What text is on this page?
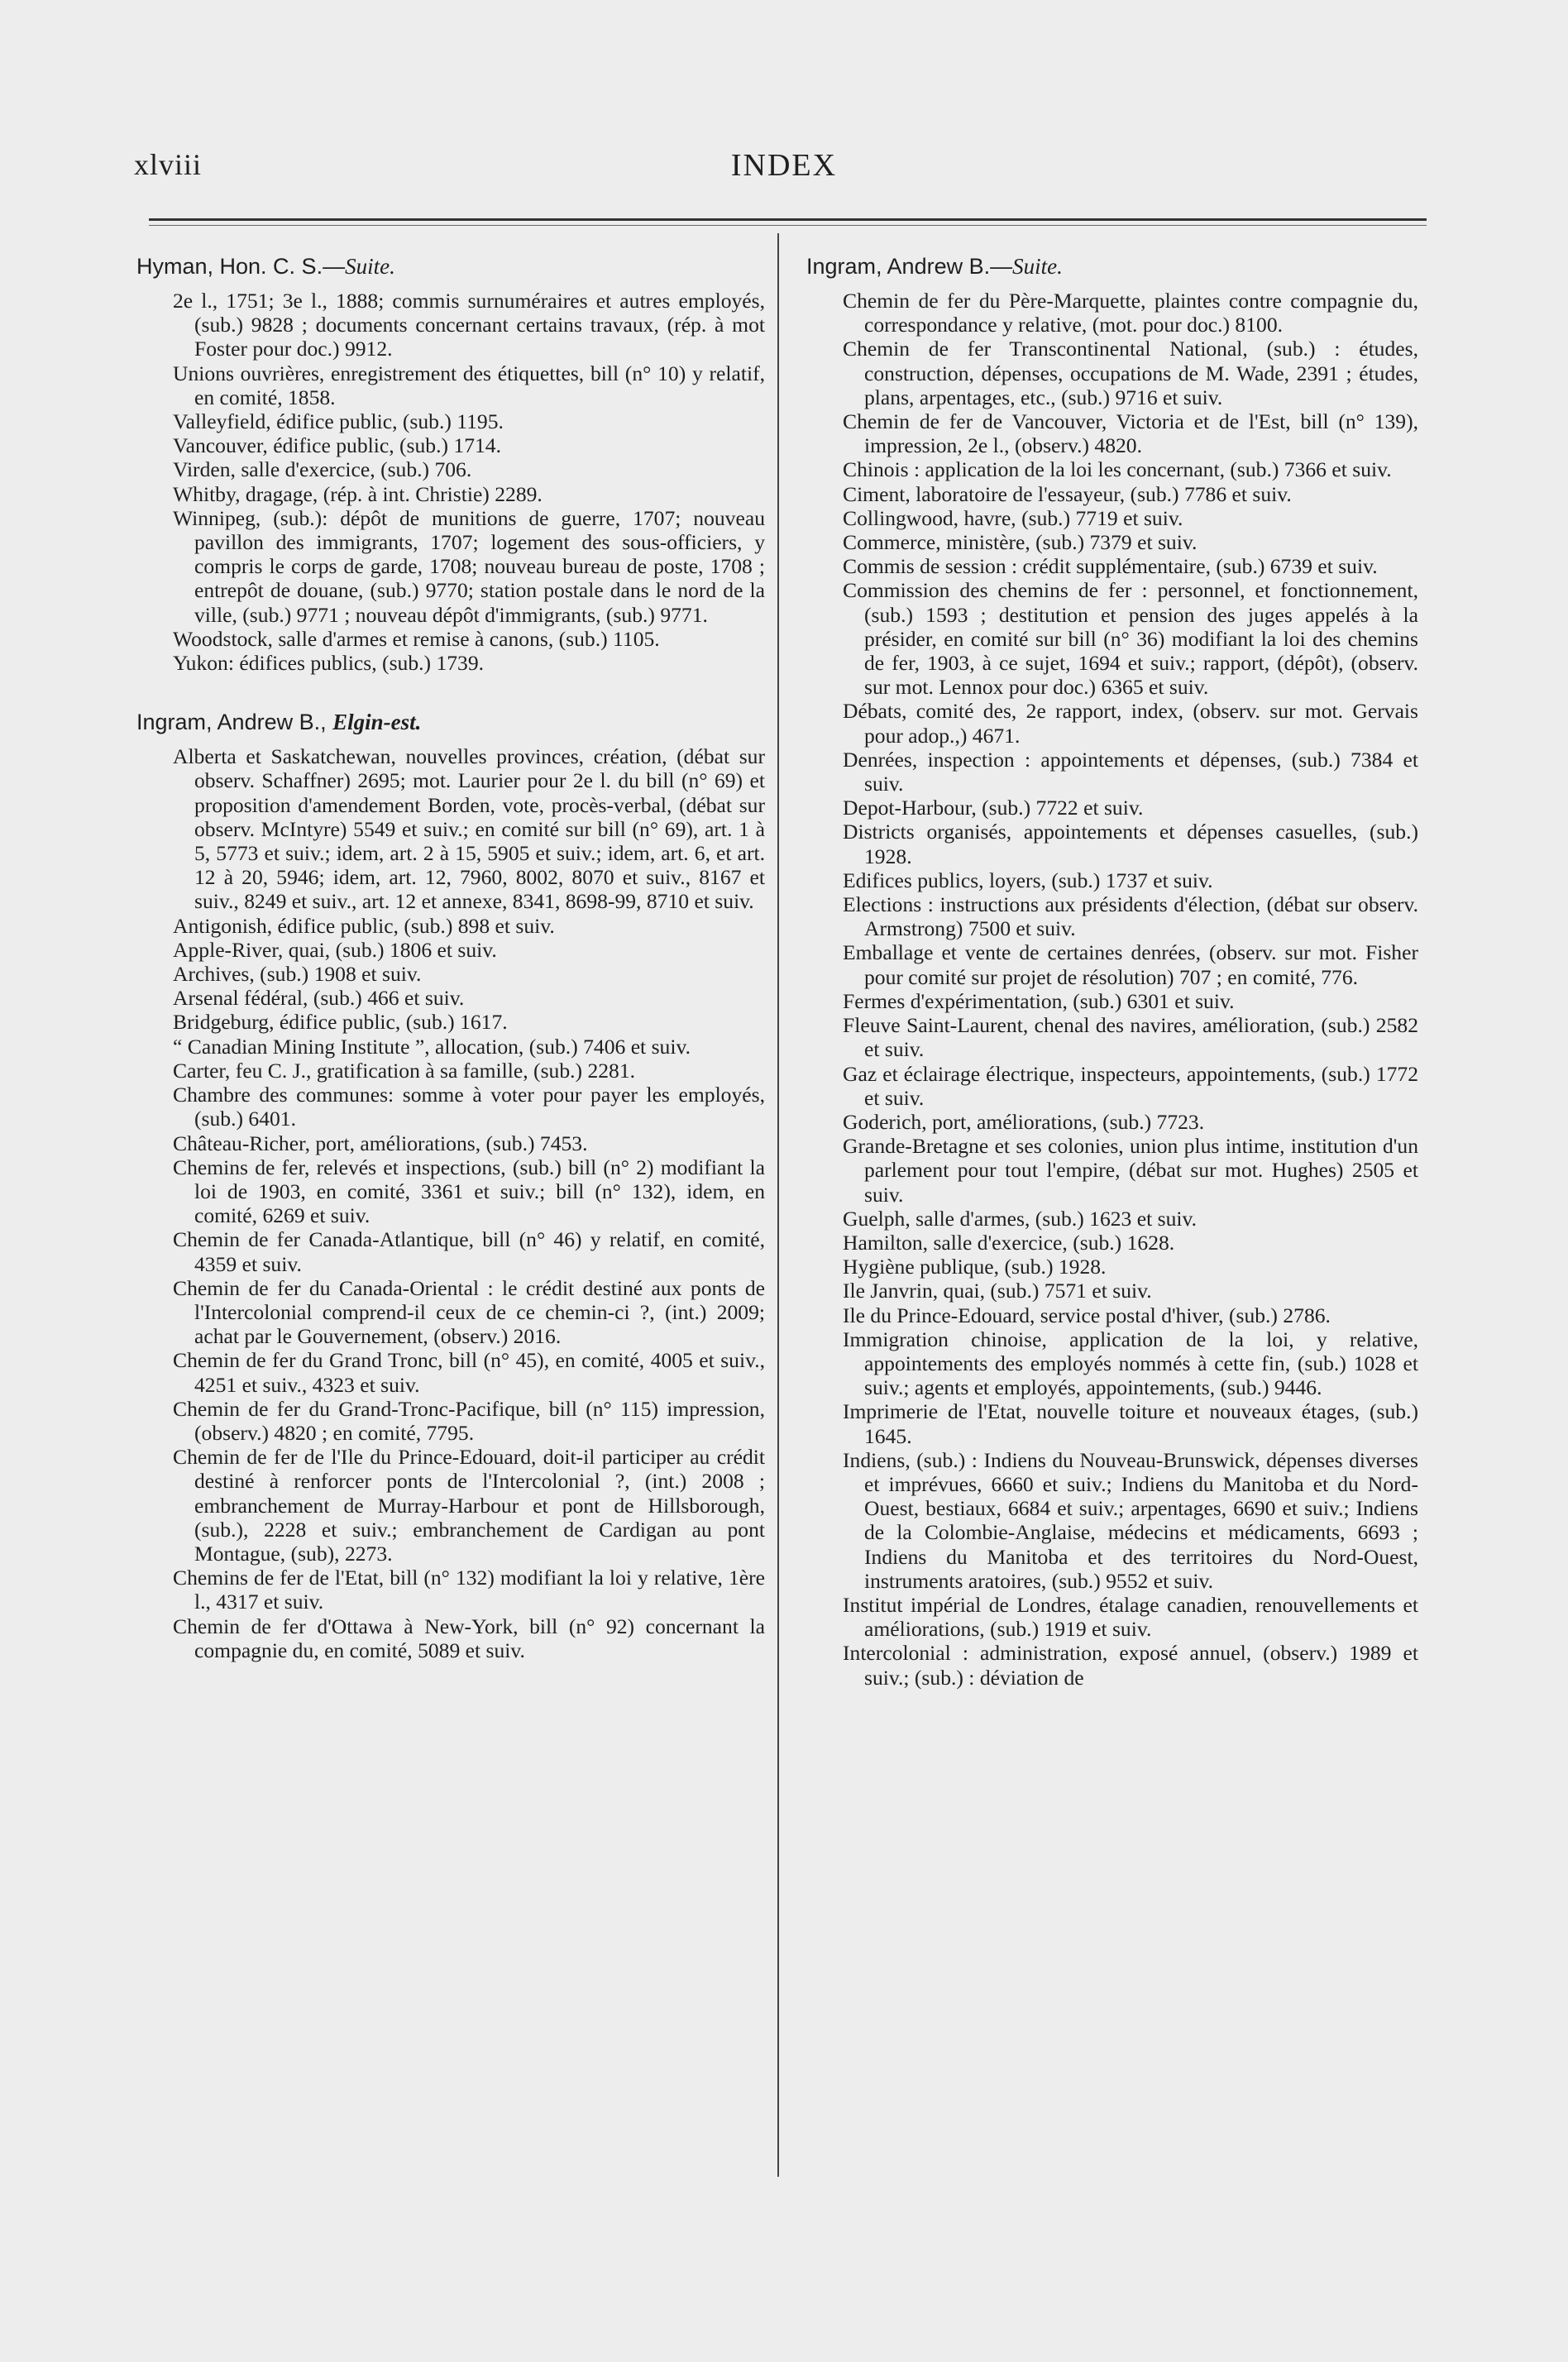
xlviii	INDEX
Hyman, Hon. C. S.—Suite.
2e l., 1751; 3e l., 1888; commis surnuméraires et autres employés, (sub.) 9828 ; documents concernant certains travaux, (rép. à mot Foster pour doc.) 9912.
Unions ouvrières, enregistrement des étiquettes, bill (n° 10) y relatif, en comité, 1858.
Valleyfield, édifice public, (sub.) 1195.
Vancouver, édifice public, (sub.) 1714.
Virden, salle d'exercice, (sub.) 706.
Whitby, dragage, (rép. à int. Christie) 2289.
Winnipeg, (sub.): dépôt de munitions de guerre, 1707; nouveau pavillon des immigrants, 1707; logement des sous-officiers, y compris le corps de garde, 1708; nouveau bureau de poste, 1708 ; entrepôt de douane, (sub.) 9770; station postale dans le nord de la ville, (sub.) 9771 ; nouveau dépôt d'immigrants, (sub.) 9771.
Woodstock, salle d'armes et remise à canons, (sub.) 1105.
Yukon: édifices publics, (sub.) 1739.
Ingram, Andrew B., Elgin-est.
Alberta et Saskatchewan, nouvelles provinces, création, (débat sur observ. Schaffner) 2695; mot. Laurier pour 2e l. du bill (n° 69) et proposition d'amendement Borden, vote, procès-verbal, (débat sur observ. McIntyre) 5549 et suiv.; en comité sur bill (n° 69), art. 1 à 5, 5773 et suiv.; idem, art. 2 à 15, 5905 et suiv.; idem, art. 6, et art. 12 à 20, 5946; idem, art. 12, 7960, 8002, 8070 et suiv., 8167 et suiv., 8249 et suiv., art. 12 et annexe, 8341, 8698-99, 8710 et suiv.
Antigonish, édifice public, (sub.) 898 et suiv.
Apple-River, quai, (sub.) 1806 et suiv.
Archives, (sub.) 1908 et suiv.
Arsenal fédéral, (sub.) 466 et suiv.
Bridgeburg, édifice public, (sub.) 1617.
“ Canadian Mining Institute ”, allocation, (sub.) 7406 et suiv.
Carter, feu C. J., gratification à sa famille, (sub.) 2281.
Chambre des communes: somme à voter pour payer les employés, (sub.) 6401.
Château-Richer, port, améliorations, (sub.) 7453.
Chemins de fer, relevés et inspections, (sub.) bill (n° 2) modifiant la loi de 1903, en comité, 3361 et suiv.; bill (n° 132), idem, en comité, 6269 et suiv.
Chemin de fer Canada-Atlantique, bill (n° 46) y relatif, en comité, 4359 et suiv.
Chemin de fer du Canada-Oriental : le crédit destiné aux ponts de l'Intercolonial comprend-il ceux de ce chemin-ci ?, (int.) 2009; achat par le Gouvernement, (observ.) 2016.
Chemin de fer du Grand Tronc, bill (n° 45), en comité, 4005 et suiv., 4251 et suiv., 4323 et suiv.
Chemin de fer du Grand-Tronc-Pacifique, bill (n° 115) impression, (observ.) 4820 ; en comité, 7795.
Chemin de fer de l'Ile du Prince-Edouard, doit-il participer au crédit destiné à renforcer ponts de l'Intercolonial ?, (int.) 2008 ; embranchement de Murray-Harbour et pont de Hillsborough, (sub.), 2228 et suiv.; embranchement de Cardigan au pont Montague, (sub), 2273.
Chemins de fer de l'Etat, bill (n° 132) modifiant la loi y relative, 1ère l., 4317 et suiv.
Chemin de fer d'Ottawa à New-York, bill (n° 92) concernant la compagnie du, en comité, 5089 et suiv.
Ingram, Andrew B.—Suite.
Chemin de fer du Père-Marquette, plaintes contre compagnie du, correspondance y relative, (mot. pour doc.) 8100.
Chemin de fer Transcontinental National, (sub.) : études, construction, dépenses, occupations de M. Wade, 2391 ; études, plans, arpentages, etc., (sub.) 9716 et suiv.
Chemin de fer de Vancouver, Victoria et de l'Est, bill (n° 139), impression, 2e l., (observ.) 4820.
Chinois : application de la loi les concernant, (sub.) 7366 et suiv.
Ciment, laboratoire de l'essayeur, (sub.) 7786 et suiv.
Collingwood, havre, (sub.) 7719 et suiv.
Commerce, ministère, (sub.) 7379 et suiv.
Commis de session : crédit supplémentaire, (sub.) 6739 et suiv.
Commission des chemins de fer : personnel, et fonctionnement, (sub.) 1593 ; destitution et pension des juges appelés à la présider, en comité sur bill (n° 36) modifiant la loi des chemins de fer, 1903, à ce sujet, 1694 et suiv.; rapport, (dépôt), (observ. sur mot. Lennox pour doc.) 6365 et suiv.
Débats, comité des, 2e rapport, index, (observ. sur mot. Gervais pour adop.,) 4671.
Denrées, inspection : appointements et dépenses, (sub.) 7384 et suiv.
Depot-Harbour, (sub.) 7722 et suiv.
Districts organisés, appointements et dépenses casuelles, (sub.) 1928.
Edifices publics, loyers, (sub.) 1737 et suiv.
Elections : instructions aux présidents d'élection, (débat sur observ. Armstrong) 7500 et suiv.
Emballage et vente de certaines denrées, (observ. sur mot. Fisher pour comité sur projet de résolution) 707 ; en comité, 776.
Fermes d'expérimentation, (sub.) 6301 et suiv.
Fleuve Saint-Laurent, chenal des navires, amélioration, (sub.) 2582 et suiv.
Gaz et éclairage électrique, inspecteurs, appointements, (sub.) 1772 et suiv.
Goderich, port, améliorations, (sub.) 7723.
Grande-Bretagne et ses colonies, union plus intime, institution d'un parlement pour tout l'empire, (débat sur mot. Hughes) 2505 et suiv.
Guelph, salle d'armes, (sub.) 1623 et suiv.
Hamilton, salle d'exercice, (sub.) 1628.
Hygiène publique, (sub.) 1928.
Ile Janvrin, quai, (sub.) 7571 et suiv.
Ile du Prince-Edouard, service postal d'hiver, (sub.) 2786.
Immigration chinoise, application de la loi, y relative, appointements des employés nommés à cette fin, (sub.) 1028 et suiv.; agents et employés, appointements, (sub.) 9446.
Imprimerie de l'Etat, nouvelle toiture et nouveaux étages, (sub.) 1645.
Indiens, (sub.) : Indiens du Nouveau-Brunswick, dépenses diverses et imprévues, 6660 et suiv.; Indiens du Manitoba et du Nord-Ouest, bestiaux, 6684 et suiv.; arpentages, 6690 et suiv.; Indiens de la Colombie-Anglaise, médecins et médicaments, 6693 ; Indiens du Manitoba et des territoires du Nord-Ouest, instruments aratoires, (sub.) 9552 et suiv.
Institut impérial de Londres, étalage canadien, renouvellements et améliorations, (sub.) 1919 et suiv.
Intercolonial : administration, exposé annuel, (observ.) 1989 et suiv.; (sub.) : déviation de
